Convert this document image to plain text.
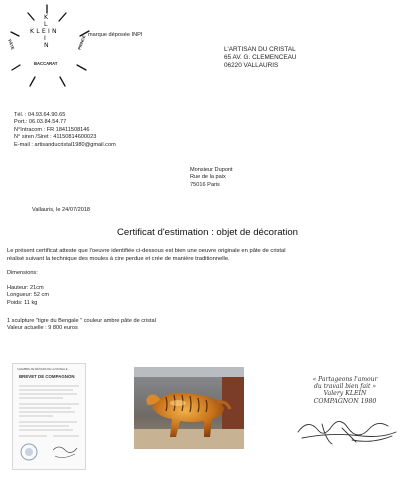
K
L
KLEIN
I
N
PÂTE	PRINCE
BACCARAT
marque déposée INPI
L'ARTISAN DU CRISTAL
65 AV. G. CLEMENCEAU
06220 VALLAURIS
Tél. : 04.93.64.90.65
Port.: 06.03.84.54.77
N°Intracom : FR 18411508146
N° siren /Siret : 41150814600023
E-mail : artisanducristal1980@gmail.com
Monsieur Dupont
Rue de la paix
75016 Paris
Vallauris, le 24/07/2018
Certificat d'estimation : objet de décoration
Le présent certificat atteste que l'oeuvre identifiée ci-dessous est bien une oeuvre originale en pâte de cristal
réalisé suivant la technique des moules à cire perdue et crée de manière traditionnelle.
Dimensions:
Hauteur: 21cm
Longueur: 52 cm
Poids: 11 kg
1 sculpture "tigre du Bengale " couleur ambre pâte de cristal
Valeur actuelle : 9 800 euros
CHAMBRE DE MÉTIERS DE LA MOSELLE
BREVET DE COMPAGNON	« Partageons l'amour
du travail bien fait »
Valery KLEIN
COMPAGNON 1980
